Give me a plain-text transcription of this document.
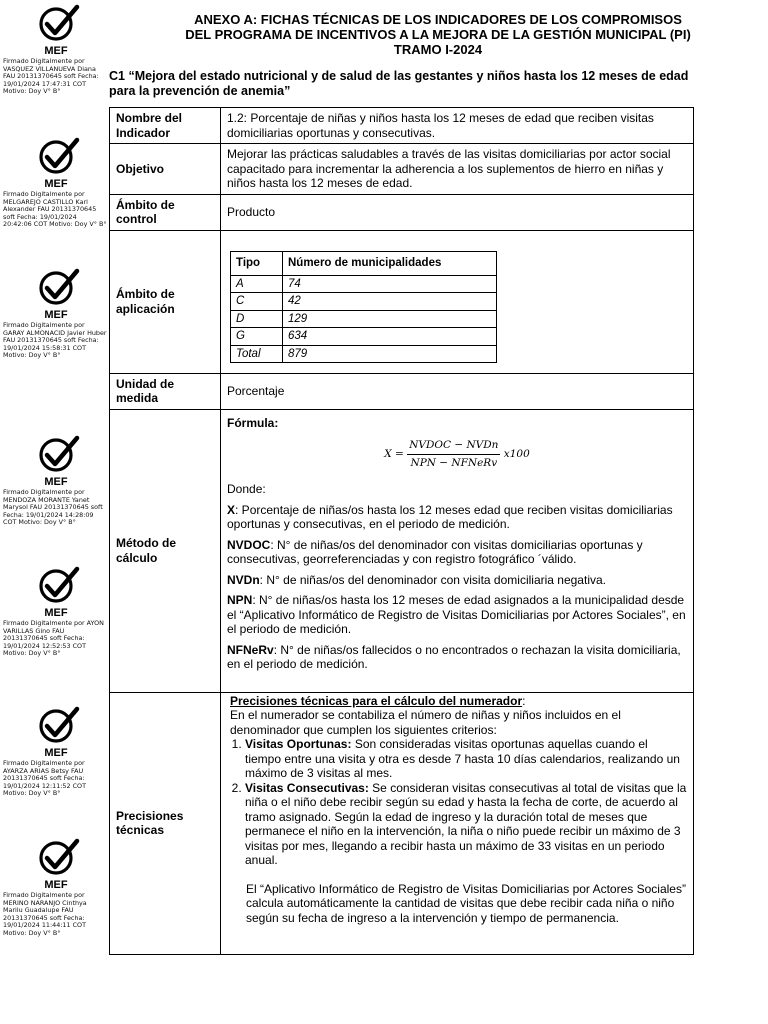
MEF
Firmado Digitalmente por VASQUEZ VILLANUEVA Diana FAU 20131370645 soft Fecha: 19/01/2024 17:47:31 COT Motivo: Doy V° B°
MEF
Firmado Digitalmente por MELGAREJO CASTILLO Karl Alexander FAU 20131370645 soft Fecha: 19/01/2024 20:42:06 COT Motivo: Doy V° B°
MEF
Firmado Digitalmente por GARAY ALMONACID Javier Huber FAU 20131370645 soft Fecha: 19/01/2024 15:58:31 COT Motivo: Doy V° B°
MEF
Firmado Digitalmente por MENDOZA MORANTE Yanet Marysol FAU 20131370645 soft Fecha: 19/01/2024 14:28:09 COT Motivo: Doy V° B°
MEF
Firmado Digitalmente por AYON VARILLAS Gino FAU 20131370645 soft Fecha: 19/01/2024 12:52:53 COT Motivo: Doy V° B°
MEF
Firmado Digitalmente por AYARZA ARIAS Betsy FAU 20131370645 soft Fecha: 19/01/2024 12:11:52 COT Motivo: Doy V° B°
MEF
Firmado Digitalmente por MERINO NARANJO Cinthya Marilu Guadalupe FAU 20131370645 soft Fecha: 19/01/2024 11:44:11 COT Motivo: Doy V° B°
ANEXO A: FICHAS TÉCNICAS DE LOS INDICADORES DE LOS COMPROMISOS
DEL PROGRAMA DE INCENTIVOS A LA MEJORA DE LA GESTIÓN MUNICIPAL (PI)
TRAMO I-2024
C1 “Mejora del estado nutricional y de salud de las gestantes y niños hasta los 12 meses de edad para la prevención de anemia”
Nombre del Indicador	1.2: Porcentaje de niñas y niños hasta los 12 meses de edad que reciben visitas domiciliarias oportunas y consecutivas.
Objetivo	Mejorar las prácticas saludables a través de las visitas domiciliarias por actor social capacitado para incrementar la adherencia a los suplementos de hierro en niñas y niños hasta los 12 meses de edad.
Ámbito de control	Producto
Ámbito de aplicación	
Tipo	Número de municipalidades
A	74
C	42
D	129
G	634
Total	879

Unidad de medida	Porcentaje
Método de cálculo	

Fórmula:

$X = \frac{\text{NVDOC − NVDn}}{\text{NPN − NFNeRv}} x100$

Donde:

X: Porcentaje de niñas/os hasta los 12 meses edad que reciben visitas domiciliarias oportunas y consecutivas, en el periodo de medición.

NVDOC: N° de niñas/os del denominador con visitas domiciliarias oportunas y consecutivas, georreferenciadas y con registro fotográfico ´válido.

NVDn: N° de niñas/os del denominador con visita domiciliaria negativa.

NPN: N° de niñas/os hasta los 12 meses de edad asignados a la municipalidad desde el “Aplicativo Informático de Registro de Visitas Domiciliarias por Actores Sociales”, en el periodo de medición.

NFNeRv: N° de niñas/os fallecidos o no encontrados o rechazan la visita domiciliaria, en el periodo de medición.

Precisiones técnicas	

Precisiones técnicas para el cálculo del numerador:

En el numerador se contabiliza el número de niñas y niños incluidos en el denominador que cumplen los siguientes criterios:

1. Visitas Oportunas: Son consideradas visitas oportunas aquellas cuando el tiempo entre una visita y otra es desde 7 hasta 10 días calendarios, realizando un máximo de 3 visitas al mes.
2. Visitas Consecutivas: Se consideran visitas consecutivas al total de visitas que la niña o el niño debe recibir según su edad y hasta la fecha de corte, de acuerdo al tramo asignado. Según la edad de ingreso y la duración total de meses que permanece el niño en la intervención, la niña o niño puede recibir un máximo de 3 visitas por mes, llegando a recibir hasta un máximo de 33 visitas en un periodo anual.

El “Aplicativo Informático de Registro de Visitas Domiciliarias por Actores Sociales” calcula automáticamente la cantidad de visitas que debe recibir cada niña o niño según su fecha de ingreso a la intervención y tiempo de permanencia.
